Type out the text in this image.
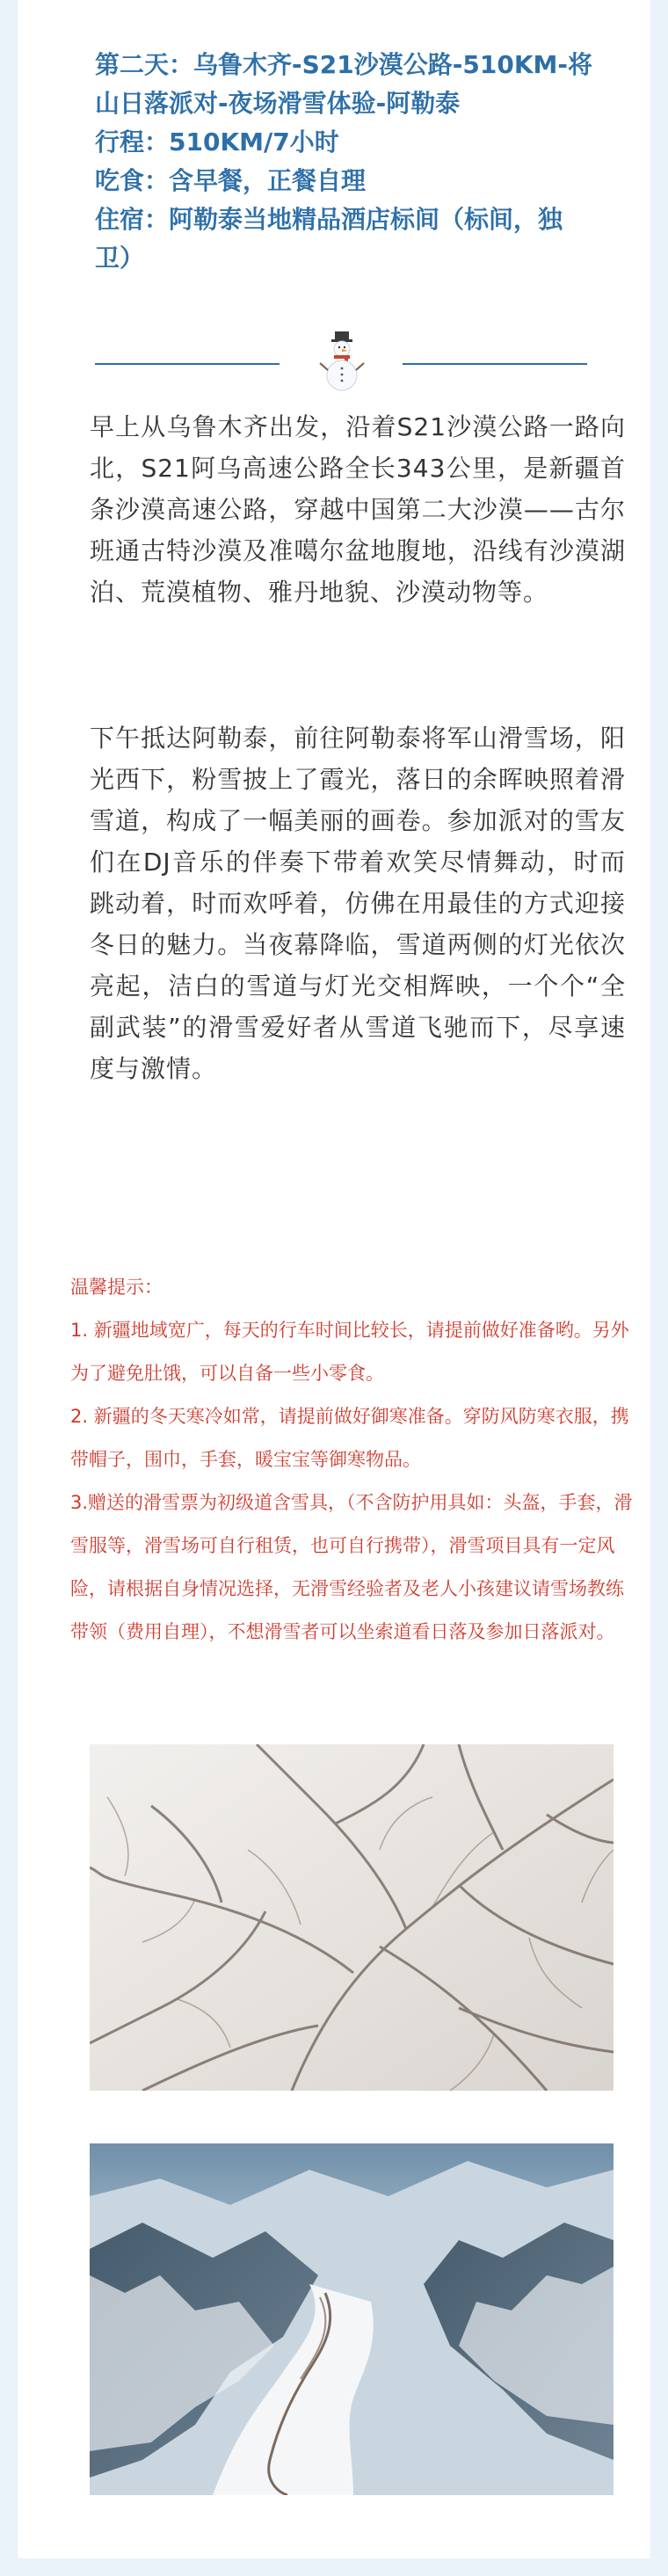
第二天：乌鲁木齐-S21沙漠公路-510KM-将
山日落派对-夜场滑雪体验-阿勒泰
行程：510KM/7小时
吃食：含早餐，正餐自理
住宿：阿勒泰当地精品酒店标间（标间，独
卫）
早上从乌鲁木齐出发，沿着S21沙漠公路一路向北，S21阿乌高速公路全长343公里，是新疆首条沙漠高速公路，穿越中国第二大沙漠——古尔班通古特沙漠及准噶尔盆地腹地，沿线有沙漠湖泊、荒漠植物、雅丹地貌、沙漠动物等。
下午抵达阿勒泰，前往阿勒泰将军山滑雪场，阳光西下，粉雪披上了霞光，落日的余晖映照着滑雪道，构成了一幅美丽的画卷。参加派对的雪友们在DJ音乐的伴奏下带着欢笑尽情舞动，时而跳动着，时而欢呼着，仿佛在用最佳的方式迎接冬日的魅力。当夜幕降临，雪道两侧的灯光依次亮起，洁白的雪道与灯光交相辉映，一个个“全副武装”的滑雪爱好者从雪道飞驰而下，尽享速度与激情。
温馨提示：
1. 新疆地域宽广，每天的行车时间比较长，请提前做好准备哟。另外为了避免肚饿，可以自备一些小零食。
2. 新疆的冬天寒冷如常，请提前做好御寒准备。穿防风防寒衣服，携带帽子，围巾，手套，暖宝宝等御寒物品。
3.赠送的滑雪票为初级道含雪具，（不含防护用具如：头盔，手套，滑雪服等，滑雪场可自行租赁，也可自行携带），滑雪项目具有一定风险，请根据自身情况选择，无滑雪经验者及老人小孩建议请雪场教练带领（费用自理），不想滑雪者可以坐索道看日落及参加日落派对。
